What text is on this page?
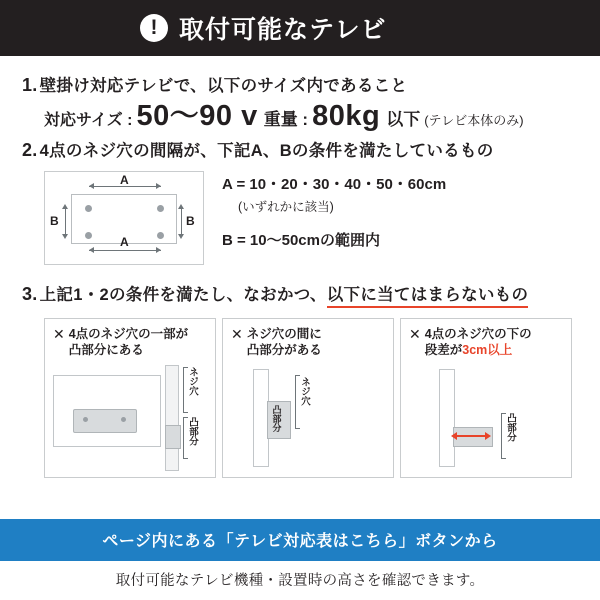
! 取付可能なテレビ
1. 壁掛け対応テレビで、以下のサイズ内であること
対応サイズ : 50〜90 v 重量 : 80kg 以下 (テレビ本体のみ)
2. 4点のネジ穴の間隔が、下記A、Bの条件を満たしているもの
A
A
B	B
A = 10・20・30・40・50・60cm
(いずれかに該当)
B = 10〜50cmの範囲内
3. 上記1・2の条件を満たし、なおかつ、 以下に当てはまらないもの
✕ 4点のネジ穴の一部が
凸部分にある
ネジ穴
凸部分
✕ ネジ穴の間に
凸部分がある
凸部分
ネジ穴
✕ 4点のネジ穴の下の
段差が3cm以上
凸部分
ページ内にある「テレビ対応表はこちら」ボタンから
取付可能なテレビ機種・設置時の高さを確認できます。
